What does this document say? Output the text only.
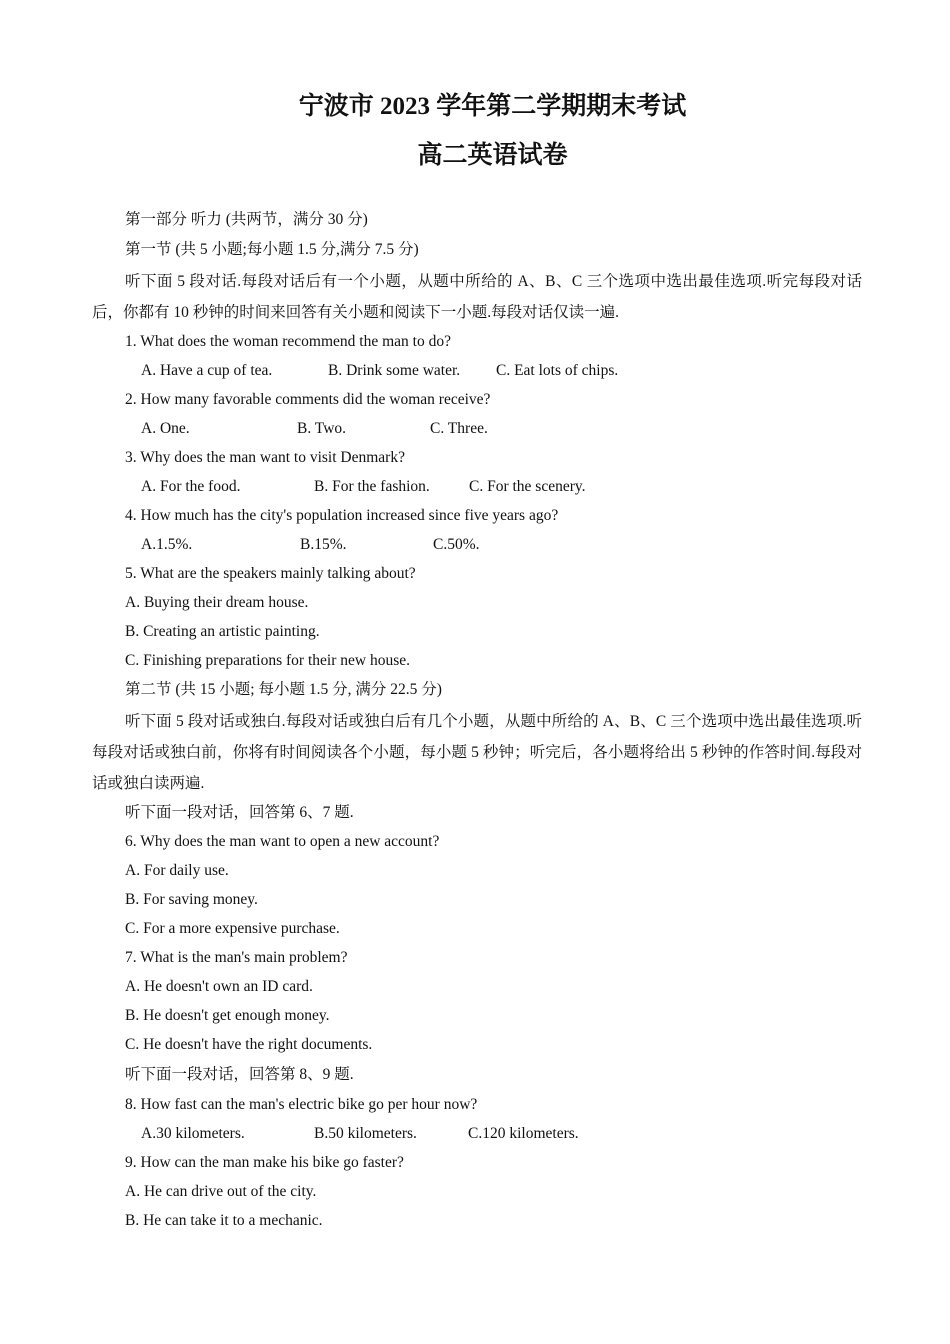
宁波市 2023 学年第二学期期末考试
高二英语试卷
第一部分 听力 (共两节，满分 30 分)
第一节 (共 5 小题;每小题 1.5 分,满分 7.5 分)

听下面 5 段对话.每段对话后有一个小题，从题中所给的 A、B、C 三个选项中选出最佳选项.听完每段对话后，你都有 10 秒钟的时间来回答有关小题和阅读下一小题.每段对话仅读一遍.

1. What does the woman recommend the man to do?
A. Have a cup of tea.	B. Drink some water. C. Eat lots of chips.
2. How many favorable comments did the woman receive?
A. One.	B. Two.	C. Three.
3. Why does the man want to visit Denmark?
A. For the food.	B. For the fashion.	C. For the scenery.
4. How much has the city's population increased since five years ago?
A.1.5%.	B.15%.	C.50%.
5. What are the speakers mainly talking about?
A. Buying their dream house.
B. Creating an artistic painting.
C. Finishing preparations for their new house.
第二节 (共 15 小题; 每小题 1.5 分, 满分 22.5 分)

听下面 5 段对话或独白.每段对话或独白后有几个小题，从题中所给的 A、B、C 三个选项中选出最佳选项.听每段对话或独白前，你将有时间阅读各个小题，每小题 5 秒钟；听完后，各小题将给出 5 秒钟的作答时间.每段对话或独白读两遍.

听下面一段对话，回答第 6、7 题.
6. Why does the man want to open a new account?
A. For daily use.
B. For saving money.
C. For a more expensive purchase.
7. What is the man's main problem?
A. He doesn't own an ID card.
B. He doesn't get enough money.
C. He doesn't have the right documents.
听下面一段对话，回答第 8、9 题.
8. How fast can the man's electric bike go per hour now?
A.30 kilometers.	B.50 kilometers.	C.120 kilometers.
9. How can the man make his bike go faster?
A. He can drive out of the city.
B. He can take it to a mechanic.
